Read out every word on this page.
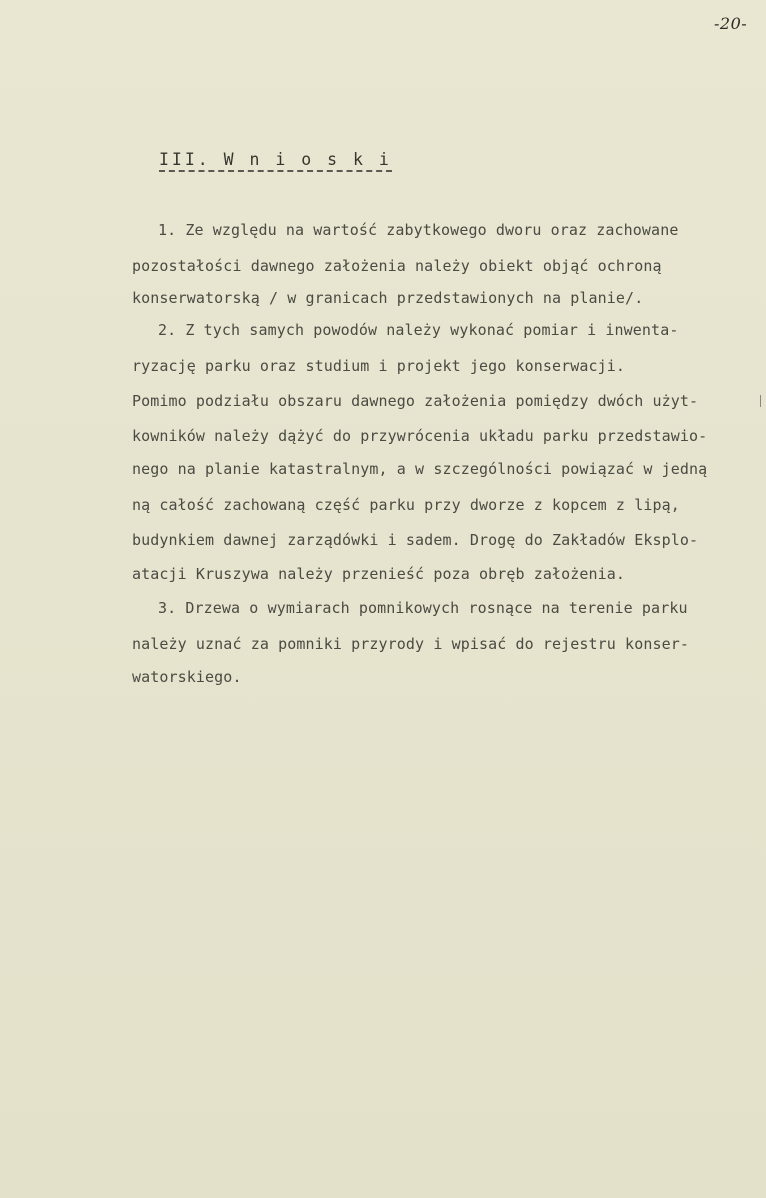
-20-
III. W n i o s k i
1. Ze względu na wartość zabytkowego dworu oraz zachowane
pozostałości dawnego założenia należy obiekt objąć ochroną
konserwatorską / w granicach przedstawionych na planie/.
2. Z tych samych powodów należy wykonać pomiar i inwenta-
ryzację parku oraz studium i projekt jego konserwacji.
Pomimo podziału obszaru dawnego założenia pomiędzy dwóch użyt-
kowników należy dążyć do przywrócenia układu parku przedstawio-
nego na planie katastralnym, a w szczególności powiązać w jedną
ną całość zachowaną część parku przy dworze z kopcem z lipą,
budynkiem dawnej zarządówki i sadem. Drogę do Zakładów Eksplo-
atacji Kruszywa należy przenieść poza obręb założenia.
3. Drzewa o wymiarach pomnikowych rosnące na terenie parku
należy uznać za pomniki przyrody i wpisać do rejestru konser-
watorskiego.
